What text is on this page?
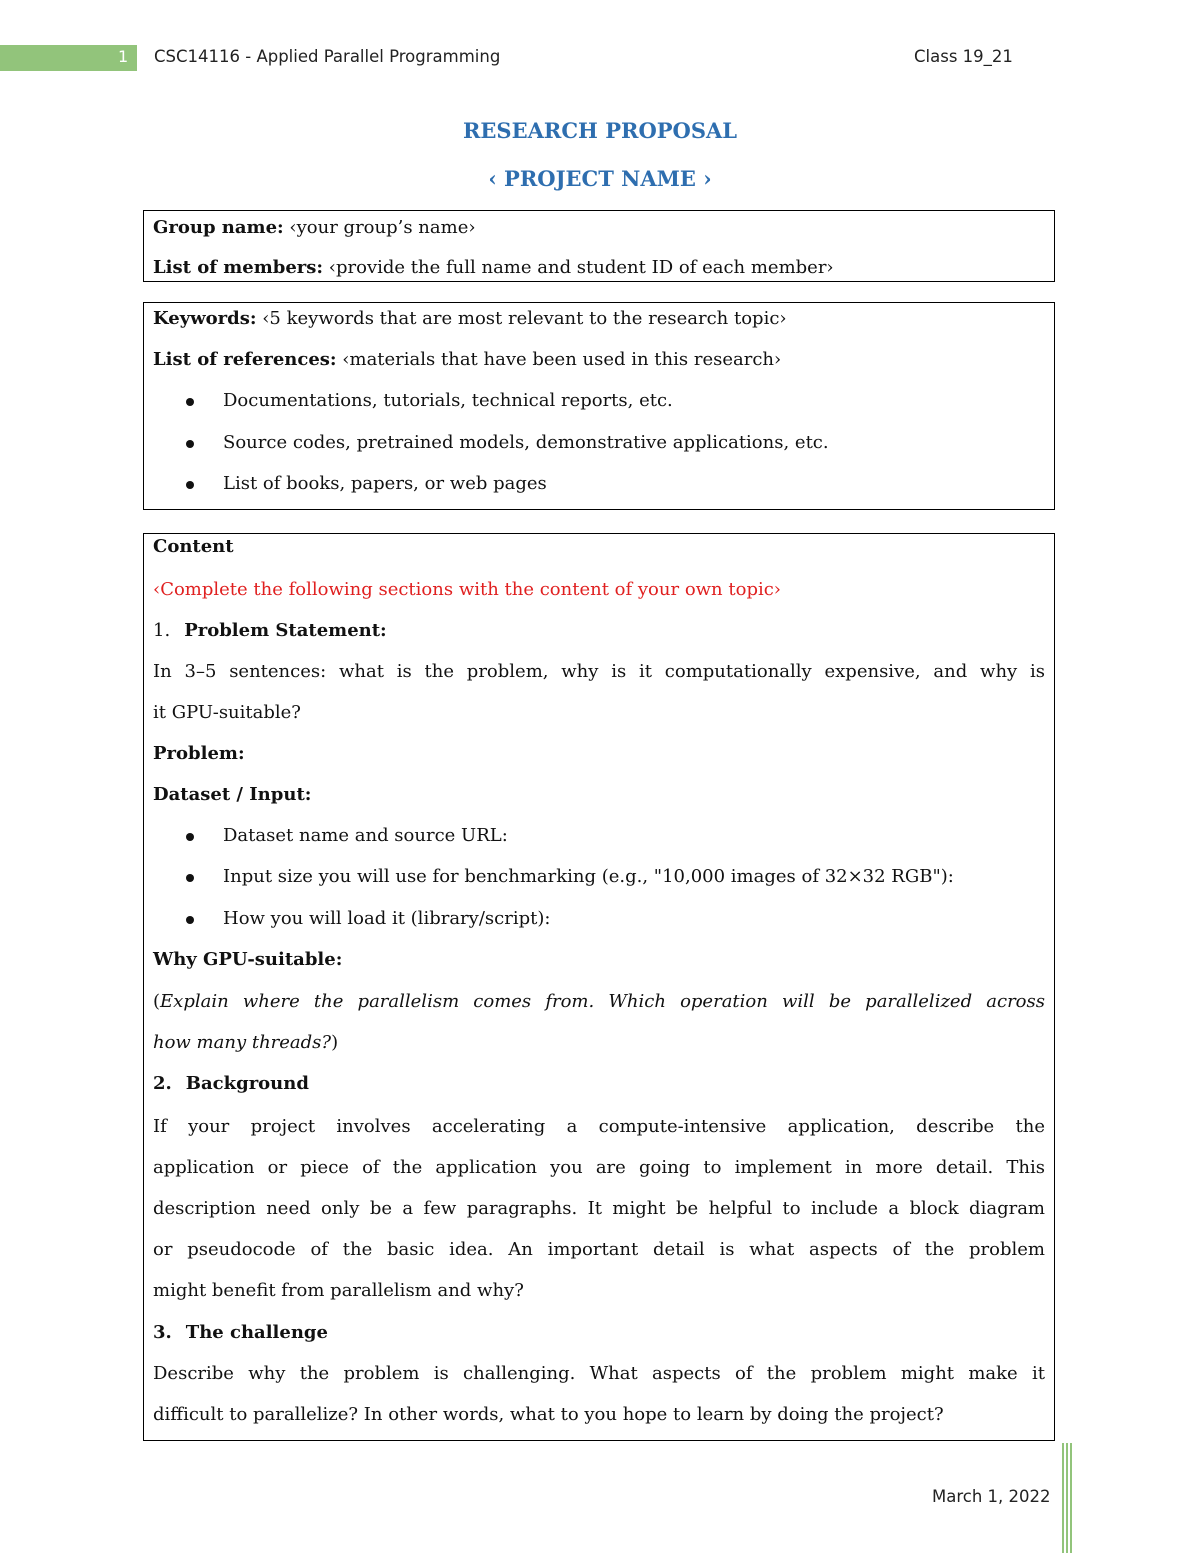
1 CSC14116 - Applied Parallel Programming	Class 19_21
RESEARCH PROPOSAL
‹ PROJECT NAME ›
Group name: ‹your group’s name›
List of members: ‹provide the full name and student ID of each member›
Keywords: ‹5 keywords that are most relevant to the research topic›
List of references: ‹materials that have been used in this research›
Documentations, tutorials, technical reports, etc.
Source codes, pretrained models, demonstrative applications, etc.
List of books, papers, or web pages
Content
‹Complete the following sections with the content of your own topic›
1. Problem Statement:
In 3–5 sentences: what is the problem, why is it computationally expensive, and why is
it GPU-suitable?
Problem:
Dataset / Input:
Dataset name and source URL:
Input size you will use for benchmarking (e.g., "10,000 images of 32×32 RGB"):
How you will load it (library/script):
Why GPU-suitable:
(Explain where the parallelism comes from. Which operation will be parallelized across
how many threads?)
2. Background
If your project involves accelerating a compute-intensive application, describe the
application or piece of the application you are going to implement in more detail. This
description need only be a few paragraphs. It might be helpful to include a block diagram
or pseudocode of the basic idea. An important detail is what aspects of the problem
might benefit from parallelism and why?
3. The challenge
Describe why the problem is challenging. What aspects of the problem might make it
difficult to parallelize? In other words, what to you hope to learn by doing the project?
March 1, 2022
